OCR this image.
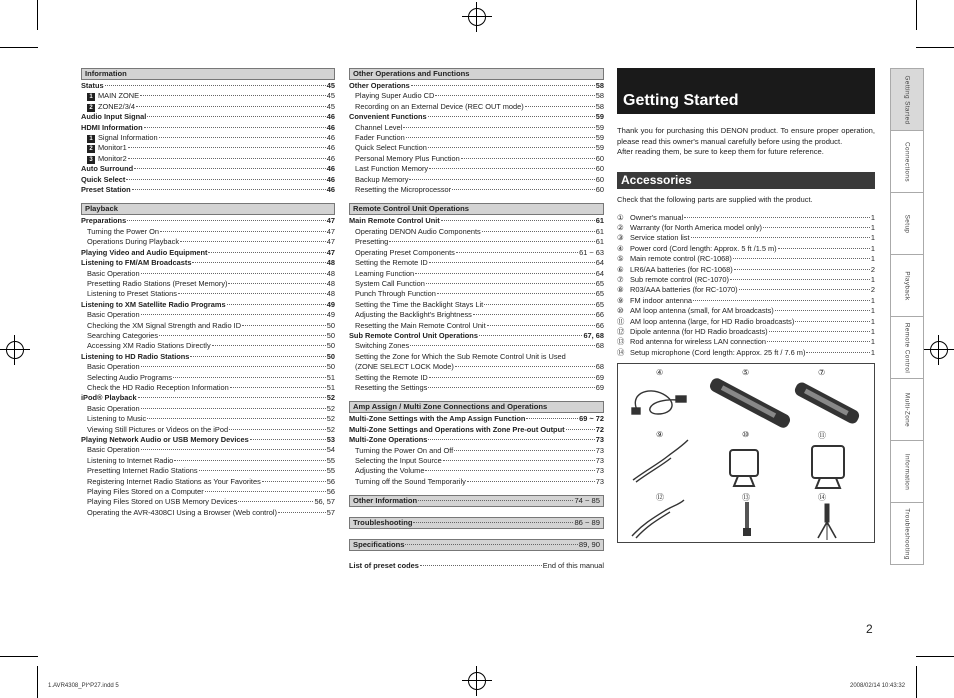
Information
Status	45
1 MAIN ZONE	45
2 ZONE2/3/4	45
Audio Input Signal	46
HDMI Information	46
1 Signal Information	46
2 Monitor1	46
3 Monitor2	46
Auto Surround	46
Quick Select	46
Preset Station	46
Playback
Preparations	47
Turning the Power On	47
Operations During Playback	47
Playing Video and Audio Equipment	47
Listening to FM/AM Broadcasts	48
Basic Operation	48
Presetting Radio Stations (Preset Memory)	48
Listening to Preset Stations	48
Listening to XM Satellite Radio Programs	49
Basic Operation	49
Checking the XM Signal Strength and Radio ID	50
Searching Categories	50
Accessing XM Radio Stations Directly	50
Listening to HD Radio Stations	50
Basic Operation	50
Selecting Audio Programs	51
Check the HD Radio Reception Information	51
iPod® Playback	52
Basic Operation	52
Listening to Music	52
Viewing Still Pictures or Videos on the iPod	52
Playing Network Audio or USB Memory Devices	53
Basic Operation	54
Listening to Internet Radio	55
Presetting Internet Radio Stations	55
Registering Internet Radio Stations as Your Favorites	56
Playing Files Stored on a Computer	56
Playing Files Stored on USB Memory Devices	56, 57
Operating the AVR-4308CI Using a Browser (Web control)	57
Other Operations and Functions
Other Operations	58
Playing Super Audio CD	58
Recording on an External Device (REC OUT mode)	58
Convenient Functions	59
Channel Level	59
Fader Function	59
Quick Select Function	59
Personal Memory Plus Function	60
Last Function Memory	60
Backup Memory	60
Resetting the Microprocessor	60
Remote Control Unit Operations
Main Remote Control Unit	61
Operating DENON Audio Components	61
Presetting	61
Operating Preset Components	61 ~ 63
Setting the Remote ID	64
Learning Function	64
System Call Function	65
Punch Through Function	65
Setting the Time the Backlight Stays Lit	65
Adjusting the Backlight's Brightness	66
Resetting the Main Remote Control Unit	66
Sub Remote Control Unit Operations	67, 68
Switching Zones	68
Setting the Zone for Which the Sub Remote Control Unit is Used
(ZONE SELECT LOCK Mode)	68
Setting the Remote ID	69
Resetting the Settings	69
Amp Assign / Multi Zone Connections and Operations
Multi-Zone Settings with the Amp Assign Function	69 ~ 72
Multi-Zone Settings and Operations with Zone Pre-out Output	72
Multi-Zone Operations	73
Turning the Power On and Off	73
Selecting the Input Source	73
Adjusting the Volume	73
Turning off the Sound Temporarily	73
Other Information	74 ~ 85
Troubleshooting	86 ~ 89
Specifications	89, 90
List of preset codes	End of this manual
Getting Started

Thank you for purchasing this DENON product. To ensure proper operation, please read this owner's manual carefully before using the product.
After reading them, be sure to keep them for future reference.

Accessories
Check that the following parts are supplied with the product.
① Owner's manual	1
② Warranty (for North America model only)	1
③ Service station list	1
④ Power cord (Cord length: Approx. 5 ft /1.5 m)	1
⑤ Main remote control (RC-1068)	1
⑥ LR6/AA batteries (for RC-1068)	2
⑦ Sub remote control (RC-1070)	1
⑧ R03/AAA batteries (for RC-1070)	2
⑨ FM indoor antenna	1
⑩ AM loop antenna (small, for AM broadcasts)	1
⑪ AM loop antenna (large, for HD Radio broadcasts)	1
⑫ Dipole antenna (for HD Radio broadcasts)	1
⑬ Rod antenna for wireless LAN connection	1
⑭ Setup microphone (Cord length: Approx. 25 ft / 7.6 m)	1
④	⑤	⑦
⑨	⑩	⑪
⑫	⑬	⑭
Getting Started
Connections
Setup
Playback
Remote Control
Multi-Zone
Information
Troubleshooting
2
1.AVR4308_PI^P27.indd 5	2008/02/14 10:43:32
